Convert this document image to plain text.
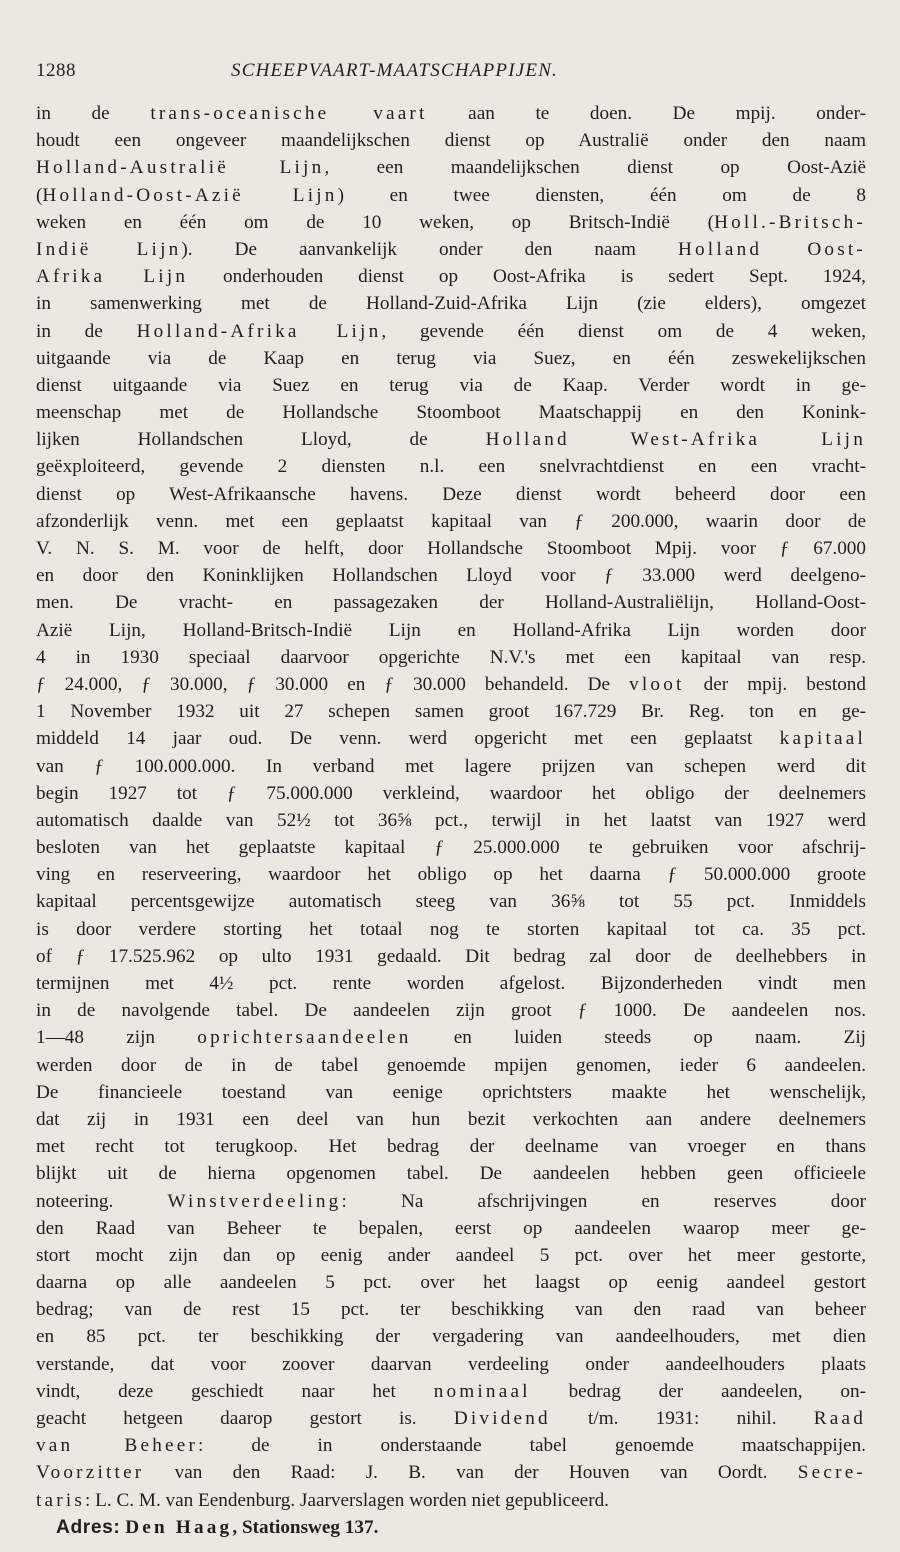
1288	SCHEEPVAART-MAATSCHAPPIJEN.
in de trans-oceanische vaart aan te doen. De mpij. onder-
houdt een ongeveer maandelijkschen dienst op Australië onder den naam
Holland-Australië Lijn, een maandelijkschen dienst op Oost-Azië
(Holland-Oost-Azië Lijn) en twee diensten, één om de 8
weken en één om de 10 weken, op Britsch-Indië (Holl.-Britsch-
Indië Lijn). De aanvankelijk onder den naam Holland Oost-
Afrika Lijn onderhouden dienst op Oost-Afrika is sedert Sept. 1924,
in samenwerking met de Holland-Zuid-Afrika Lijn (zie elders), omgezet
in de Holland-Afrika Lijn, gevende één dienst om de 4 weken,
uitgaande via de Kaap en terug via Suez, en één zeswekelijkschen
dienst uitgaande via Suez en terug via de Kaap. Verder wordt in ge-
meenschap met de Hollandsche Stoomboot Maatschappij en den Konink-
lijken Hollandschen Lloyd, de Holland West-Afrika Lijn
geëxploiteerd, gevende 2 diensten n.l. een snelvrachtdienst en een vracht-
dienst op West-Afrikaansche havens. Deze dienst wordt beheerd door een
afzonderlijk venn. met een geplaatst kapitaal van ƒ 200.000, waarin door de
V. N. S. M. voor de helft, door Hollandsche Stoomboot Mpij. voor ƒ 67.000
en door den Koninklijken Hollandschen Lloyd voor ƒ 33.000 werd deelgeno-
men. De vracht- en passagezaken der Holland-Australiëlijn, Holland-Oost-
Azië Lijn, Holland-Britsch-Indië Lijn en Holland-Afrika Lijn worden door
4 in 1930 speciaal daarvoor opgerichte N.V.'s met een kapitaal van resp.
ƒ 24.000, ƒ 30.000, ƒ 30.000 en ƒ 30.000 behandeld. De vloot der mpij. bestond
1 November 1932 uit 27 schepen samen groot 167.729 Br. Reg. ton en ge-
middeld 14 jaar oud. De venn. werd opgericht met een geplaatst kapitaal
van ƒ 100.000.000. In verband met lagere prijzen van schepen werd dit
begin 1927 tot ƒ 75.000.000 verkleind, waardoor het obligo der deelnemers
automatisch daalde van 52½ tot 36⅝ pct., terwijl in het laatst van 1927 werd
besloten van het geplaatste kapitaal ƒ 25.000.000 te gebruiken voor afschrij-
ving en reserveering, waardoor het obligo op het daarna ƒ 50.000.000 groote
kapitaal percentsgewijze automatisch steeg van 36⅝ tot 55 pct. Inmiddels
is door verdere storting het totaal nog te storten kapitaal tot ca. 35 pct.
of ƒ 17.525.962 op ulto 1931 gedaald. Dit bedrag zal door de deelhebbers in
termijnen met 4½ pct. rente worden afgelost. Bijzonderheden vindt men
in de navolgende tabel. De aandeelen zijn groot ƒ 1000. De aandeelen nos.
1—48 zijn oprichtersaandeelen en luiden steeds op naam. Zij
werden door de in de tabel genoemde mpijen genomen, ieder 6 aandeelen.
De financieele toestand van eenige oprichtsters maakte het wenschelijk,
dat zij in 1931 een deel van hun bezit verkochten aan andere deelnemers
met recht tot terugkoop. Het bedrag der deelname van vroeger en thans
blijkt uit de hierna opgenomen tabel. De aandeelen hebben geen officieele
noteering. Winstverdeeling: Na afschrijvingen en reserves door
den Raad van Beheer te bepalen, eerst op aandeelen waarop meer ge-
stort mocht zijn dan op eenig ander aandeel 5 pct. over het meer gestorte,
daarna op alle aandeelen 5 pct. over het laagst op eenig aandeel gestort
bedrag; van de rest 15 pct. ter beschikking van den raad van beheer
en 85 pct. ter beschikking der vergadering van aandeelhouders, met dien
verstande, dat voor zoover daarvan verdeeling onder aandeelhouders plaats
vindt, deze geschiedt naar het nominaal bedrag der aandeelen, on-
geacht hetgeen daarop gestort is. Dividend t/m. 1931: nihil. Raad
van Beheer: de in onderstaande tabel genoemde maatschappijen.
Voorzitter van den Raad: J. B. van der Houven van Oordt. Secre-
taris: L. C. M. van Eendenburg. Jaarverslagen worden niet gepubliceerd.
Adres: Den Haag, Stationsweg 137.
